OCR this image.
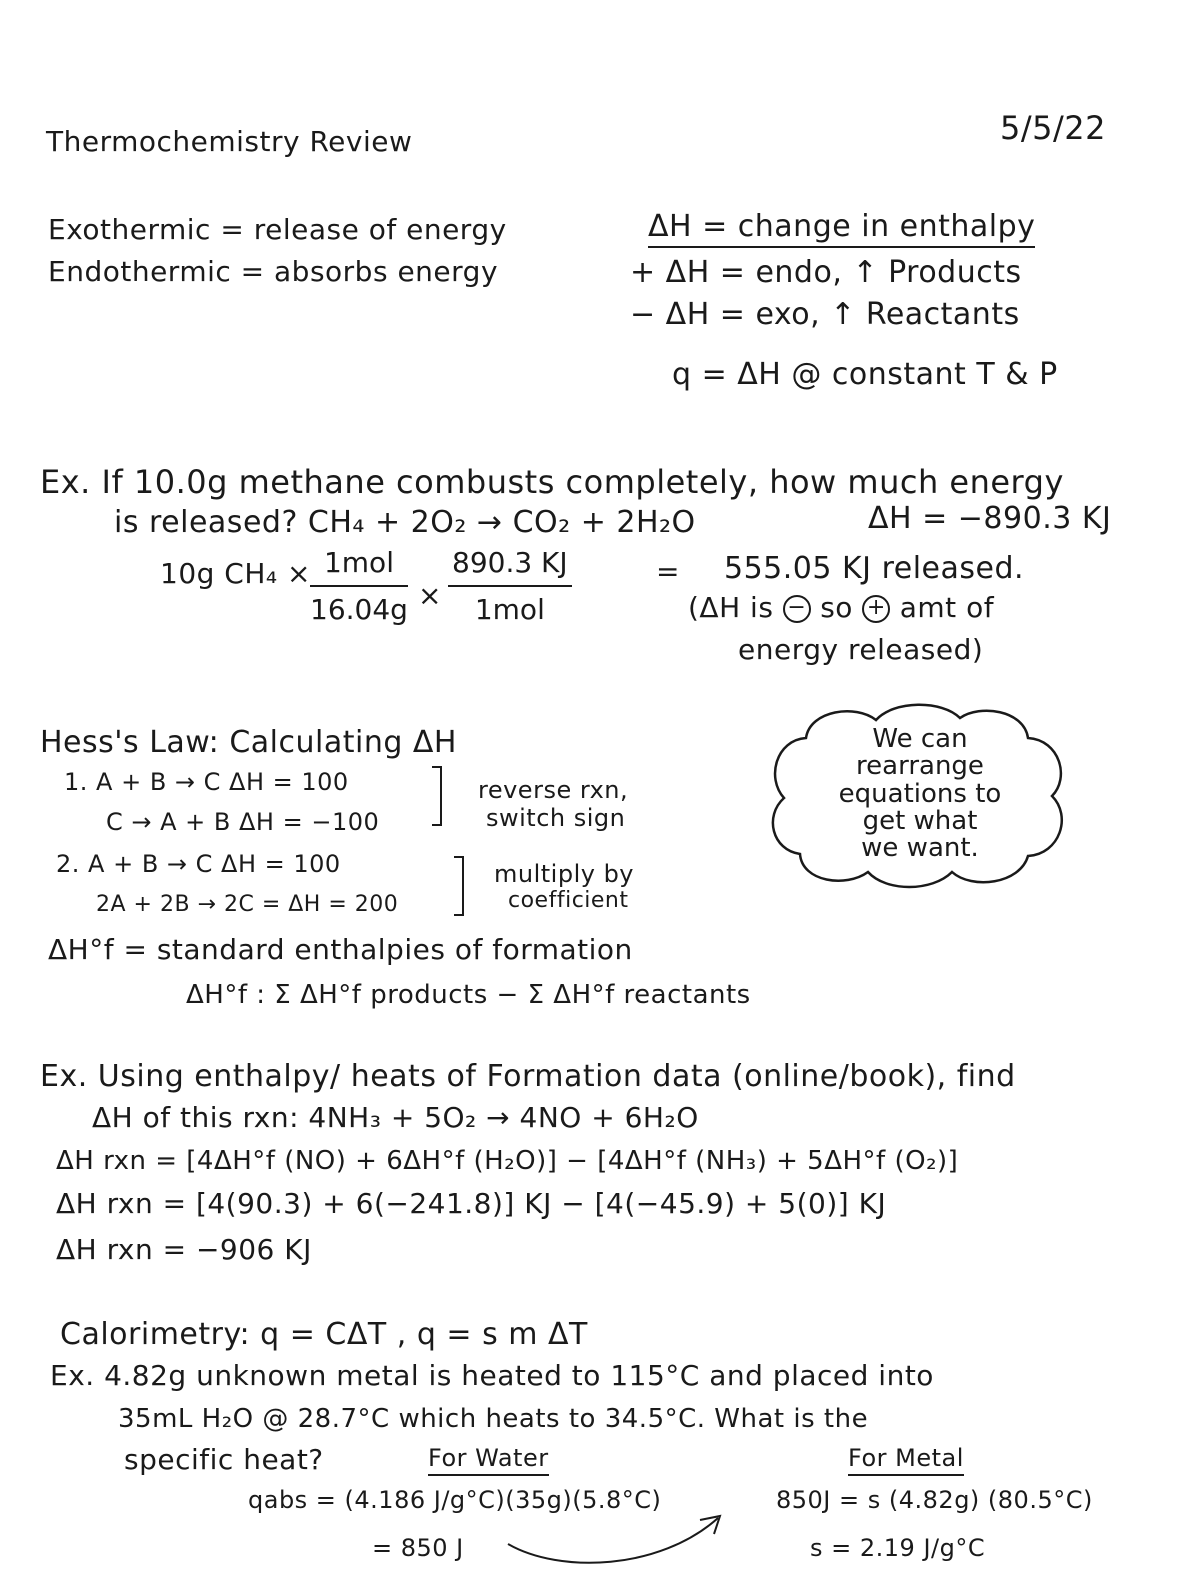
Thermochemistry Review	5/5/22
Exothermic = release of energy
Endothermic = absorbs energy
ΔH = change in enthalpy
+ ΔH = endo, ↑ Products
− ΔH = exo, ↑ Reactants
q = ΔH @ constant T & P
Ex. If 10.0g methane combusts completely, how much energy
is released? CH₄ + 2O₂ → CO₂ + 2H₂O	ΔH = −890.3 KJ
10g CH₄ × 1mol
16.04g ×
890.3 KJ
1mol
= 555.05 KJ released.
(ΔH is − so + amt of
energy released)
Hess's Law: Calculating ΔH
1. A + B → C ΔH = 100
C → A + B ΔH = −100
reverse rxn,
switch sign
2. A + B → C ΔH = 100
2A + 2B → 2C = ΔH = 200
multiply by
coefficient
ΔH°f = standard enthalpies of formation
ΔH°f : Σ ΔH°f products − Σ ΔH°f reactants
We can
rearrange
equations to
get what
we want.
Ex. Using enthalpy/ heats of Formation data (online/book), find
ΔH of this rxn: 4NH₃ + 5O₂ → 4NO + 6H₂O
ΔH rxn = [4ΔH°f (NO) + 6ΔH°f (H₂O)] − [4ΔH°f (NH₃) + 5ΔH°f (O₂)]
ΔH rxn = [4(90.3) + 6(−241.8)] KJ − [4(−45.9) + 5(0)] KJ
ΔH rxn = −906 KJ
Calorimetry: q = CΔT , q = s m ΔT
Ex. 4.82g unknown metal is heated to 115°C and placed into
35mL H₂O @ 28.7°C which heats to 34.5°C. What is the
specific heat?	For Water
qabs = (4.186 J/g°C)(35g)(5.8°C)
= 850 J
For Metal
850J = s (4.82g) (80.5°C)
s = 2.19 J/g°C
